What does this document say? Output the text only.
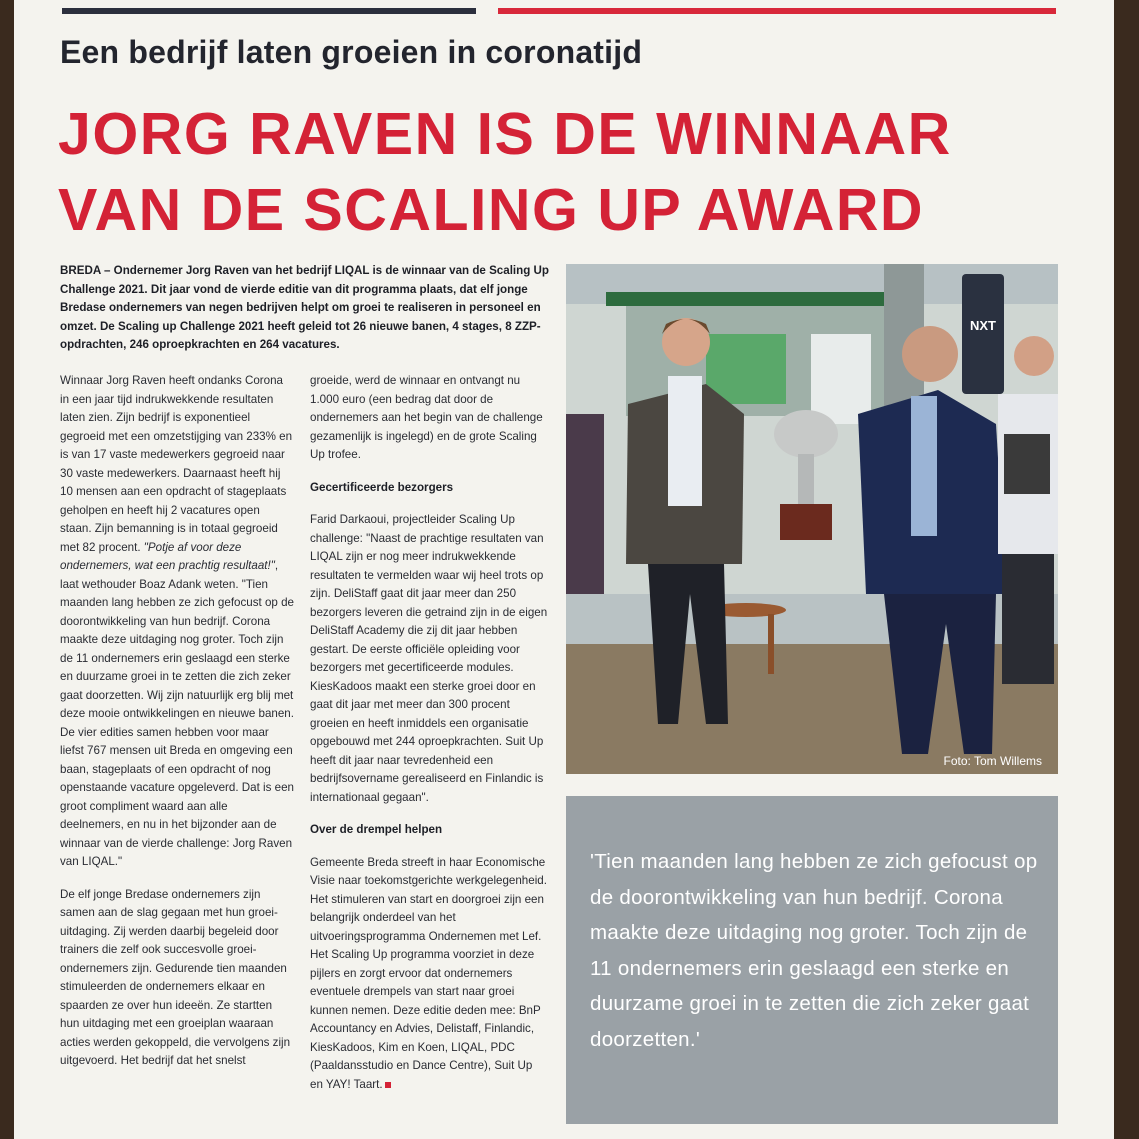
Een bedrijf laten groeien in coronatijd
JORG RAVEN IS DE WINNAAR
VAN DE SCALING UP AWARD
BREDA – Ondernemer Jorg Raven van het bedrijf LIQAL is de winnaar van de Scaling Up Challenge 2021. Dit jaar vond de vierde editie van dit programma plaats, dat elf jonge Bredase ondernemers van negen bedrijven helpt om groei te realiseren in personeel en omzet. De Scaling up Challenge 2021 heeft geleid tot 26 nieuwe banen, 4 stages, 8 ZZP-opdrachten, 246 oproepkrachten en 264 vacatures.

Winnaar Jorg Raven heeft ondanks Corona in een jaar tijd indrukwekkende resultaten laten zien. Zijn bedrijf is exponentieel gegroeid met een omzetstijging van 233% en is van 17 vaste medewerkers gegroeid naar 30 vaste medewerkers. Daarnaast heeft hij 10 mensen aan een opdracht of stageplaats geholpen en heeft hij 2 vacatures open staan. Zijn bemanning is in totaal gegroeid met 82 procent. "Potje af voor deze ondernemers, wat een prachtig resultaat!", laat wethouder Boaz Adank weten. "Tien maanden lang hebben ze zich gefocust op de doorontwikkeling van hun bedrijf. Corona maakte deze uitdaging nog groter. Toch zijn de 11 ondernemers erin geslaagd een sterke en duurzame groei in te zetten die zich zeker gaat doorzetten. Wij zijn natuurlijk erg blij met deze mooie ontwikkelingen en nieuwe banen. De vier edities samen hebben voor maar liefst 767 mensen uit Breda en omgeving een baan, stageplaats of een opdracht of nog openstaande vacature opgeleverd. Dat is een groot compliment waard aan alle deelnemers, en nu in het bijzonder aan de winnaar van de vierde challenge: Jorg Raven van LIQAL."

De elf jonge Bredase ondernemers zijn samen aan de slag gegaan met hun groei-uitdaging. Zij werden daarbij begeleid door trainers die zelf ook succesvolle groei-ondernemers zijn. Gedurende tien maanden stimuleerden de ondernemers elkaar en spaarden ze over hun ideeën. Ze startten hun uitdaging met een groeiplan waaraan acties werden gekoppeld, die vervolgens zijn uitgevoerd. Het bedrijf dat het snelst

groeide, werd de winnaar en ontvangt nu 1.000 euro (een bedrag dat door de ondernemers aan het begin van de challenge gezamenlijk is ingelegd) en de grote Scaling Up trofee.

Gecertificeerde bezorgers

Farid Darkaoui, projectleider Scaling Up challenge: "Naast de prachtige resultaten van LIQAL zijn er nog meer indrukwekkende resultaten te vermelden waar wij heel trots op zijn. DeliStaff gaat dit jaar meer dan 250 bezorgers leveren die getraind zijn in de eigen DeliStaff Academy die zij dit jaar hebben gestart. De eerste officiële opleiding voor bezorgers met gecertificeerde modules. KiesKadoos maakt een sterke groei door en gaat dit jaar met meer dan 300 procent groeien en heeft inmiddels een organisatie opgebouwd met 244 oproepkrachten. Suit Up heeft dit jaar naar tevredenheid een bedrijfsovername gerealiseerd en Finlandic is internationaal gegaan".

Over de drempel helpen

Gemeente Breda streeft in haar Economische Visie naar toekomstgerichte werkgelegenheid. Het stimuleren van start en doorgroei zijn een belangrijk onderdeel van het uitvoeringsprogramma Ondernemen met Lef. Het Scaling Up programma voorziet in deze pijlers en zorgt ervoor dat ondernemers eventuele drempels van start naar groei kunnen nemen. Deze editie deden mee: BnP Accountancy en Advies, Delistaff, Finlandic, KiesKadoos, Kim en Koen, LIQAL, PDC (Paaldansstudio en Dance Centre), Suit Up en YAY! Taart.

NXT
Foto: Tom Willems

'Tien maanden lang hebben ze zich gefocust op de doorontwikkeling van hun bedrijf. Corona maakte deze uitdaging nog groter. Toch zijn de 11 ondernemers erin geslaagd een sterke en duurzame groei in te zetten die zich zeker gaat doorzetten.'
